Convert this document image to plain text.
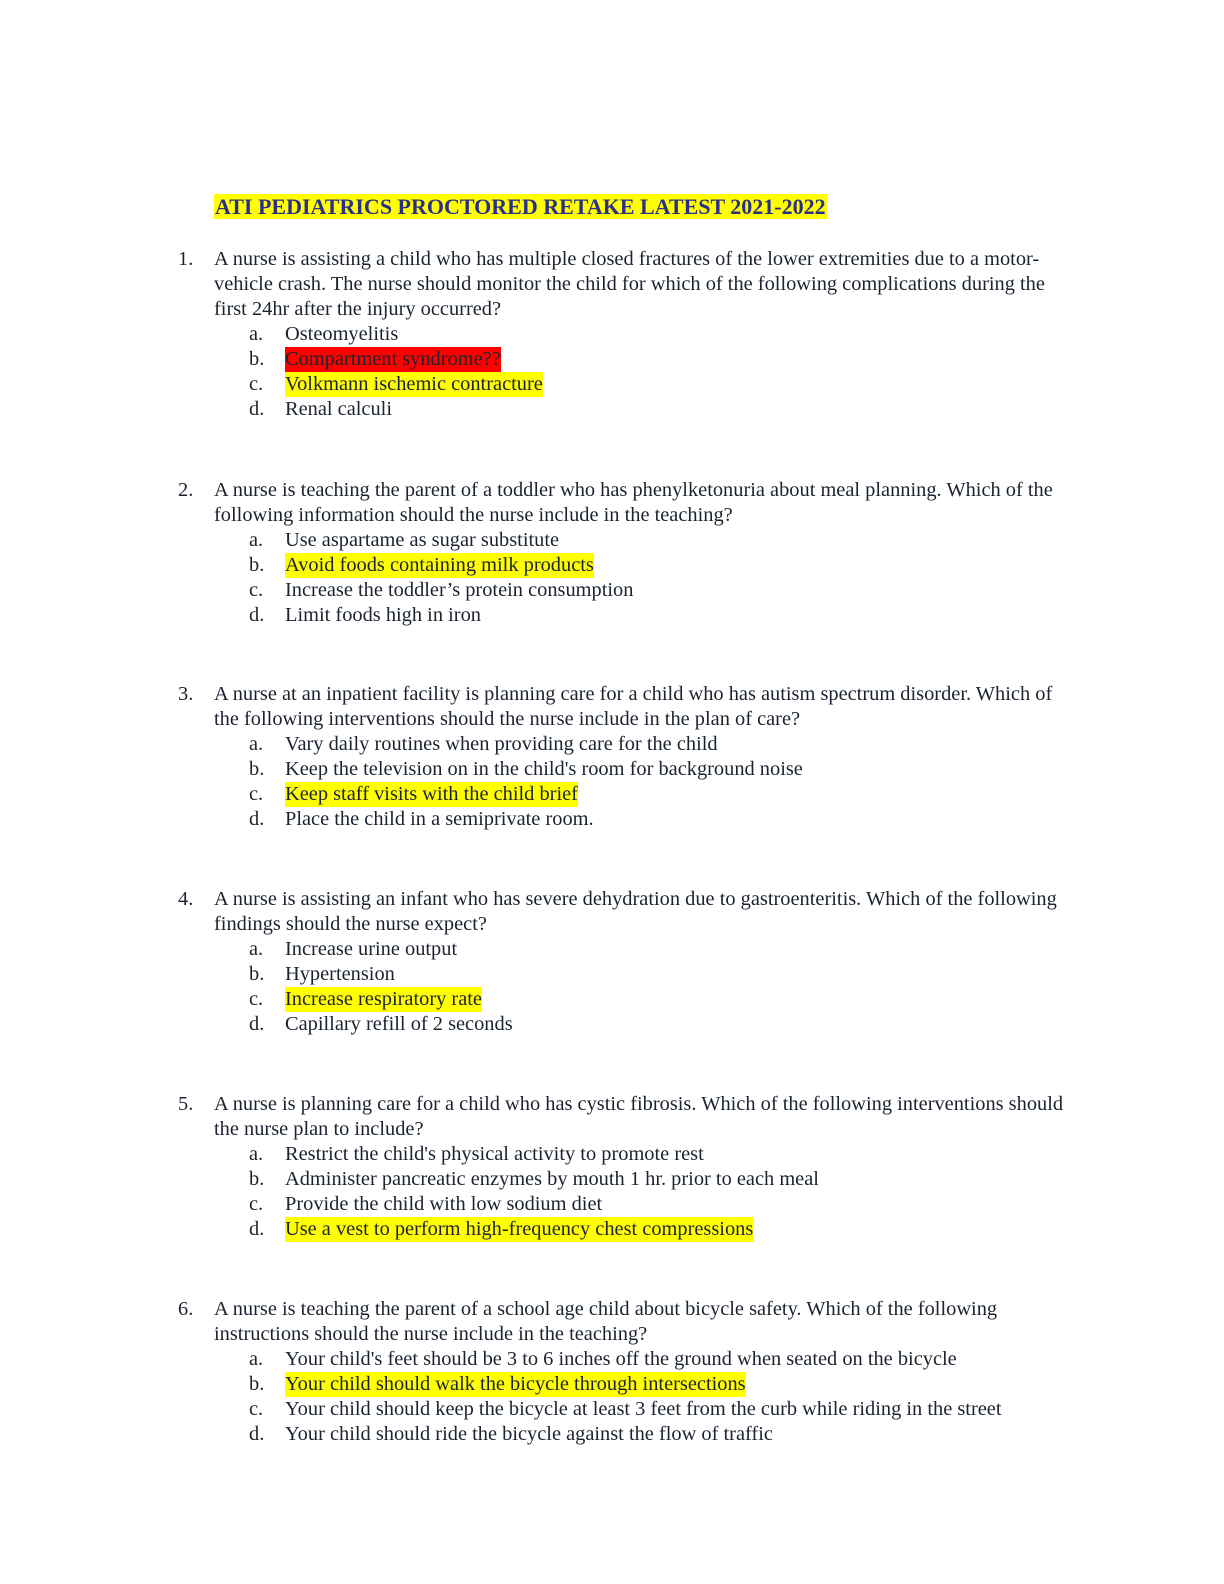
ATI PEDIATRICS PROCTORED RETAKE LATEST 2021-2022
1.	A nurse is assisting a child who has multiple closed fractures of the lower extremities due to a motor-vehicle crash. The nurse should monitor the child for which of the following complications during the first 24hr after the injury occurred?

a. Osteomyelitis
b. Compartment syndrome??
c. Volkmann ischemic contracture
d. Renal calculi
2.	A nurse is teaching the parent of a toddler who has phenylketonuria about meal planning. Which of the following information should the nurse include in the teaching?

a. Use aspartame as sugar substitute
b. Avoid foods containing milk products
c. Increase the toddler’s protein consumption
d. Limit foods high in iron
3.	A nurse at an inpatient facility is planning care for a child who has autism spectrum disorder. Which of the following interventions should the nurse include in the plan of care?

a. Vary daily routines when providing care for the child
b. Keep the television on in the child's room for background noise
c. Keep staff visits with the child brief
d. Place the child in a semiprivate room.
4.	A nurse is assisting an infant who has severe dehydration due to gastroenteritis. Which of the following findings should the nurse expect?

a. Increase urine output
b. Hypertension
c. Increase respiratory rate
d. Capillary refill of 2 seconds
5.	A nurse is planning care for a child who has cystic fibrosis. Which of the following interventions should the nurse plan to include?

a. Restrict the child's physical activity to promote rest
b. Administer pancreatic enzymes by mouth 1 hr. prior to each meal
c. Provide the child with low sodium diet
d. Use a vest to perform high-frequency chest compressions
6.	A nurse is teaching the parent of a school age child about bicycle safety. Which of the following instructions should the nurse include in the teaching?

a. Your child's feet should be 3 to 6 inches off the ground when seated on the bicycle
b. Your child should walk the bicycle through intersections
c. Your child should keep the bicycle at least 3 feet from the curb while riding in the street
d. Your child should ride the bicycle against the flow of traffic
